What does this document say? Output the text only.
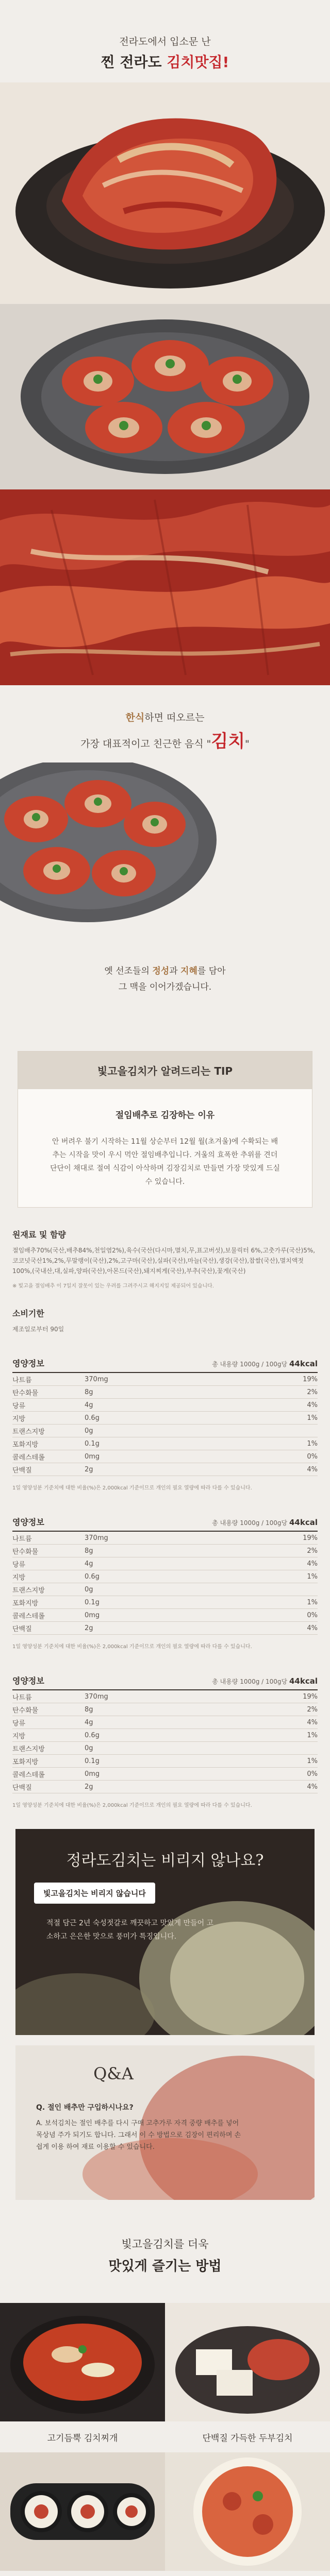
전라도에서 입소문 난
찐 전라도 김치맛집!
한식하면 떠오르는
가장 대표적이고 친근한 음식 "김치"
옛 선조들의 정성과 지혜를 담아
그 맥을 이어가겠습니다.
빛고을김치가 알려드리는 TIP
절임배추로 김장하는 이유
안 버려우 불기 시작하는 11월 상순부터 12월 월(초겨울)에 수확되는 배추는 시작을 맛이 우시 먹안 절임배추입니다. 겨울의 효폭한 추위를 견더 단단이 채대로 절여 식감이 아삭하며 김장김치로 만들면 가장 맛있게 드실 수 있습니다.
원재료 및 함량
절임배추70%(국산,배추84%,천일염2%),육수(국산(다시마,멸치,무,표고버섯),보물릭터 6%,고춧가루(국산)5%,코코넛국산1%,2%,무말랭이(국산),2%,고구마(국산),실파(국산),마늘(국산),생강(국산),찹쌀(국산),멸치액젓100%,(국내산,대,실파,양파(국산),아몬드(국산),돼지찌게(국산),부추(국산),꽃게(국산)
※ 빛고을 절임배추 이 7일지 잘못이 있는 우려를 그려주시고 해지지일 제공되어 있습니다.
소비기한
제조일로부터 90일
영양정보	총 내용량 1000g / 100g당 44kcal
나트륨	370mg	19%
탄수화물	8g	2%
당류	4g	4%
지방	0.6g	1%
트랜스지방	0g
포화지방	0.1g	1%
콜레스테롤	0mg	0%
단백질	2g	4%
1일 영양성분 기준치에 대한 비율(%)은 2,000kcal 기준이므로 개인의 필요 열량에 따라 다를 수 있습니다.
영양정보	총 내용량 1000g / 100g당 44kcal
나트륨	370mg	19%
탄수화물	8g	2%
당류	4g	4%
지방	0.6g	1%
트랜스지방	0g
포화지방	0.1g	1%
콜레스테롤	0mg	0%
단백질	2g	4%
1일 영양성분 기준치에 대한 비율(%)은 2,000kcal 기준이므로 개인의 필요 열량에 따라 다를 수 있습니다.
영양정보	총 내용량 1000g / 100g당 44kcal
나트륨	370mg	19%
탄수화물	8g	2%
당류	4g	4%
지방	0.6g	1%
트랜스지방	0g
포화지방	0.1g	1%
콜레스테롤	0mg	0%
단백질	2g	4%
1일 영양성분 기준치에 대한 비율(%)은 2,000kcal 기준이므로 개인의 필요 열량에 따라 다를 수 있습니다.
정라도김치는 비리지 않나요?
빛고을김치는 비리지 않습니다
적절 담근 2년 숙성젓갈로 깨끗하고 맛있게 만들어 고소하고 은은한 맛으로 풍미가 특징입니다.
Q&A
Q. 절인 배추만 구입하시나요?
A. 보석김치는 절인 배추를 다시 구매 고추가루 자격 중량 배추를 넣어 목상념 주가 되기도 합니다. 그래서 이 수 방법으로 김장이 편리하며 손쉽게 이용 하여 재료 이용할 수 있습니다.
빛고을김치를 더욱
맛있게 즐기는 방법
고기듬뿍 김치찌개	단백질 가득한 두부김치
